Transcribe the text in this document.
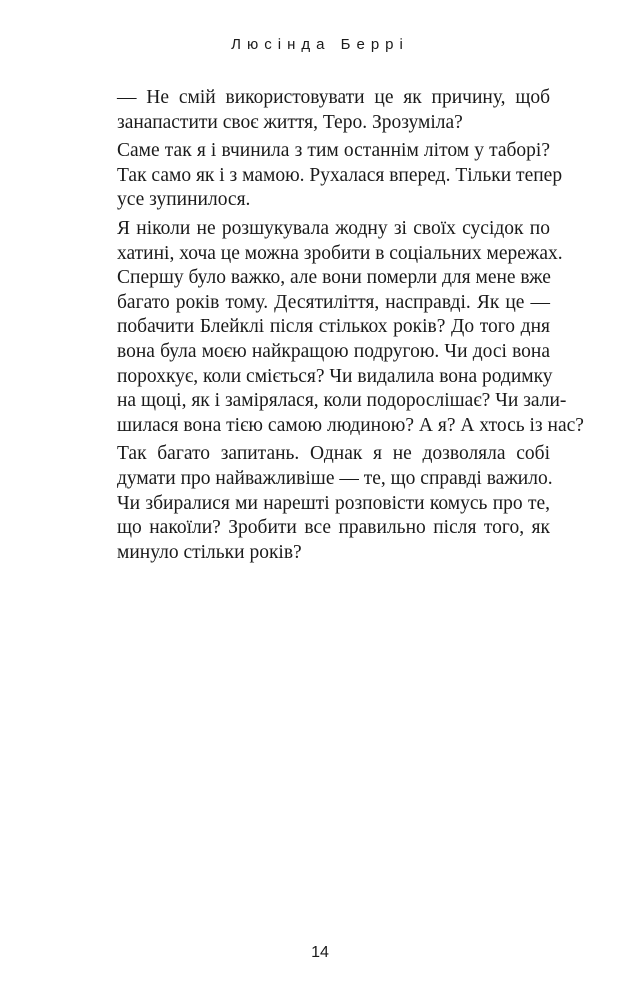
Люсінда Беррі
— Не смій використовувати це як причину, щоб
занапастити своє життя, Теро. Зрозуміла?
Саме так я і вчинила з тим останнім літом у таборі?
Так само як і з мамою. Рухалася вперед. Тільки тепер
усе зупинилося.
Я ніколи не розшукувала жодну зі своїх сусідок по
хатині, хоча це можна зробити в соціальних мережах.
Спершу було важко, але вони померли для мене вже
багато років тому. Десятиліття, насправді. Як це —
побачити Блейклі після стількох років? До того дня
вона була моєю найкращою подругою. Чи досі вона
порохкує, коли сміється? Чи видалила вона родимку
на щоці, як і замірялася, коли подорослішає? Чи зали-
шилася вона тією самою людиною? А я? А хтось із нас?
Так багато запитань. Однак я не дозволяла собі
думати про найважливіше — те, що справді важило.
Чи збиралися ми нарешті розповісти комусь про те,
що накоїли? Зробити все правильно після того, як
минуло стільки років?
14
